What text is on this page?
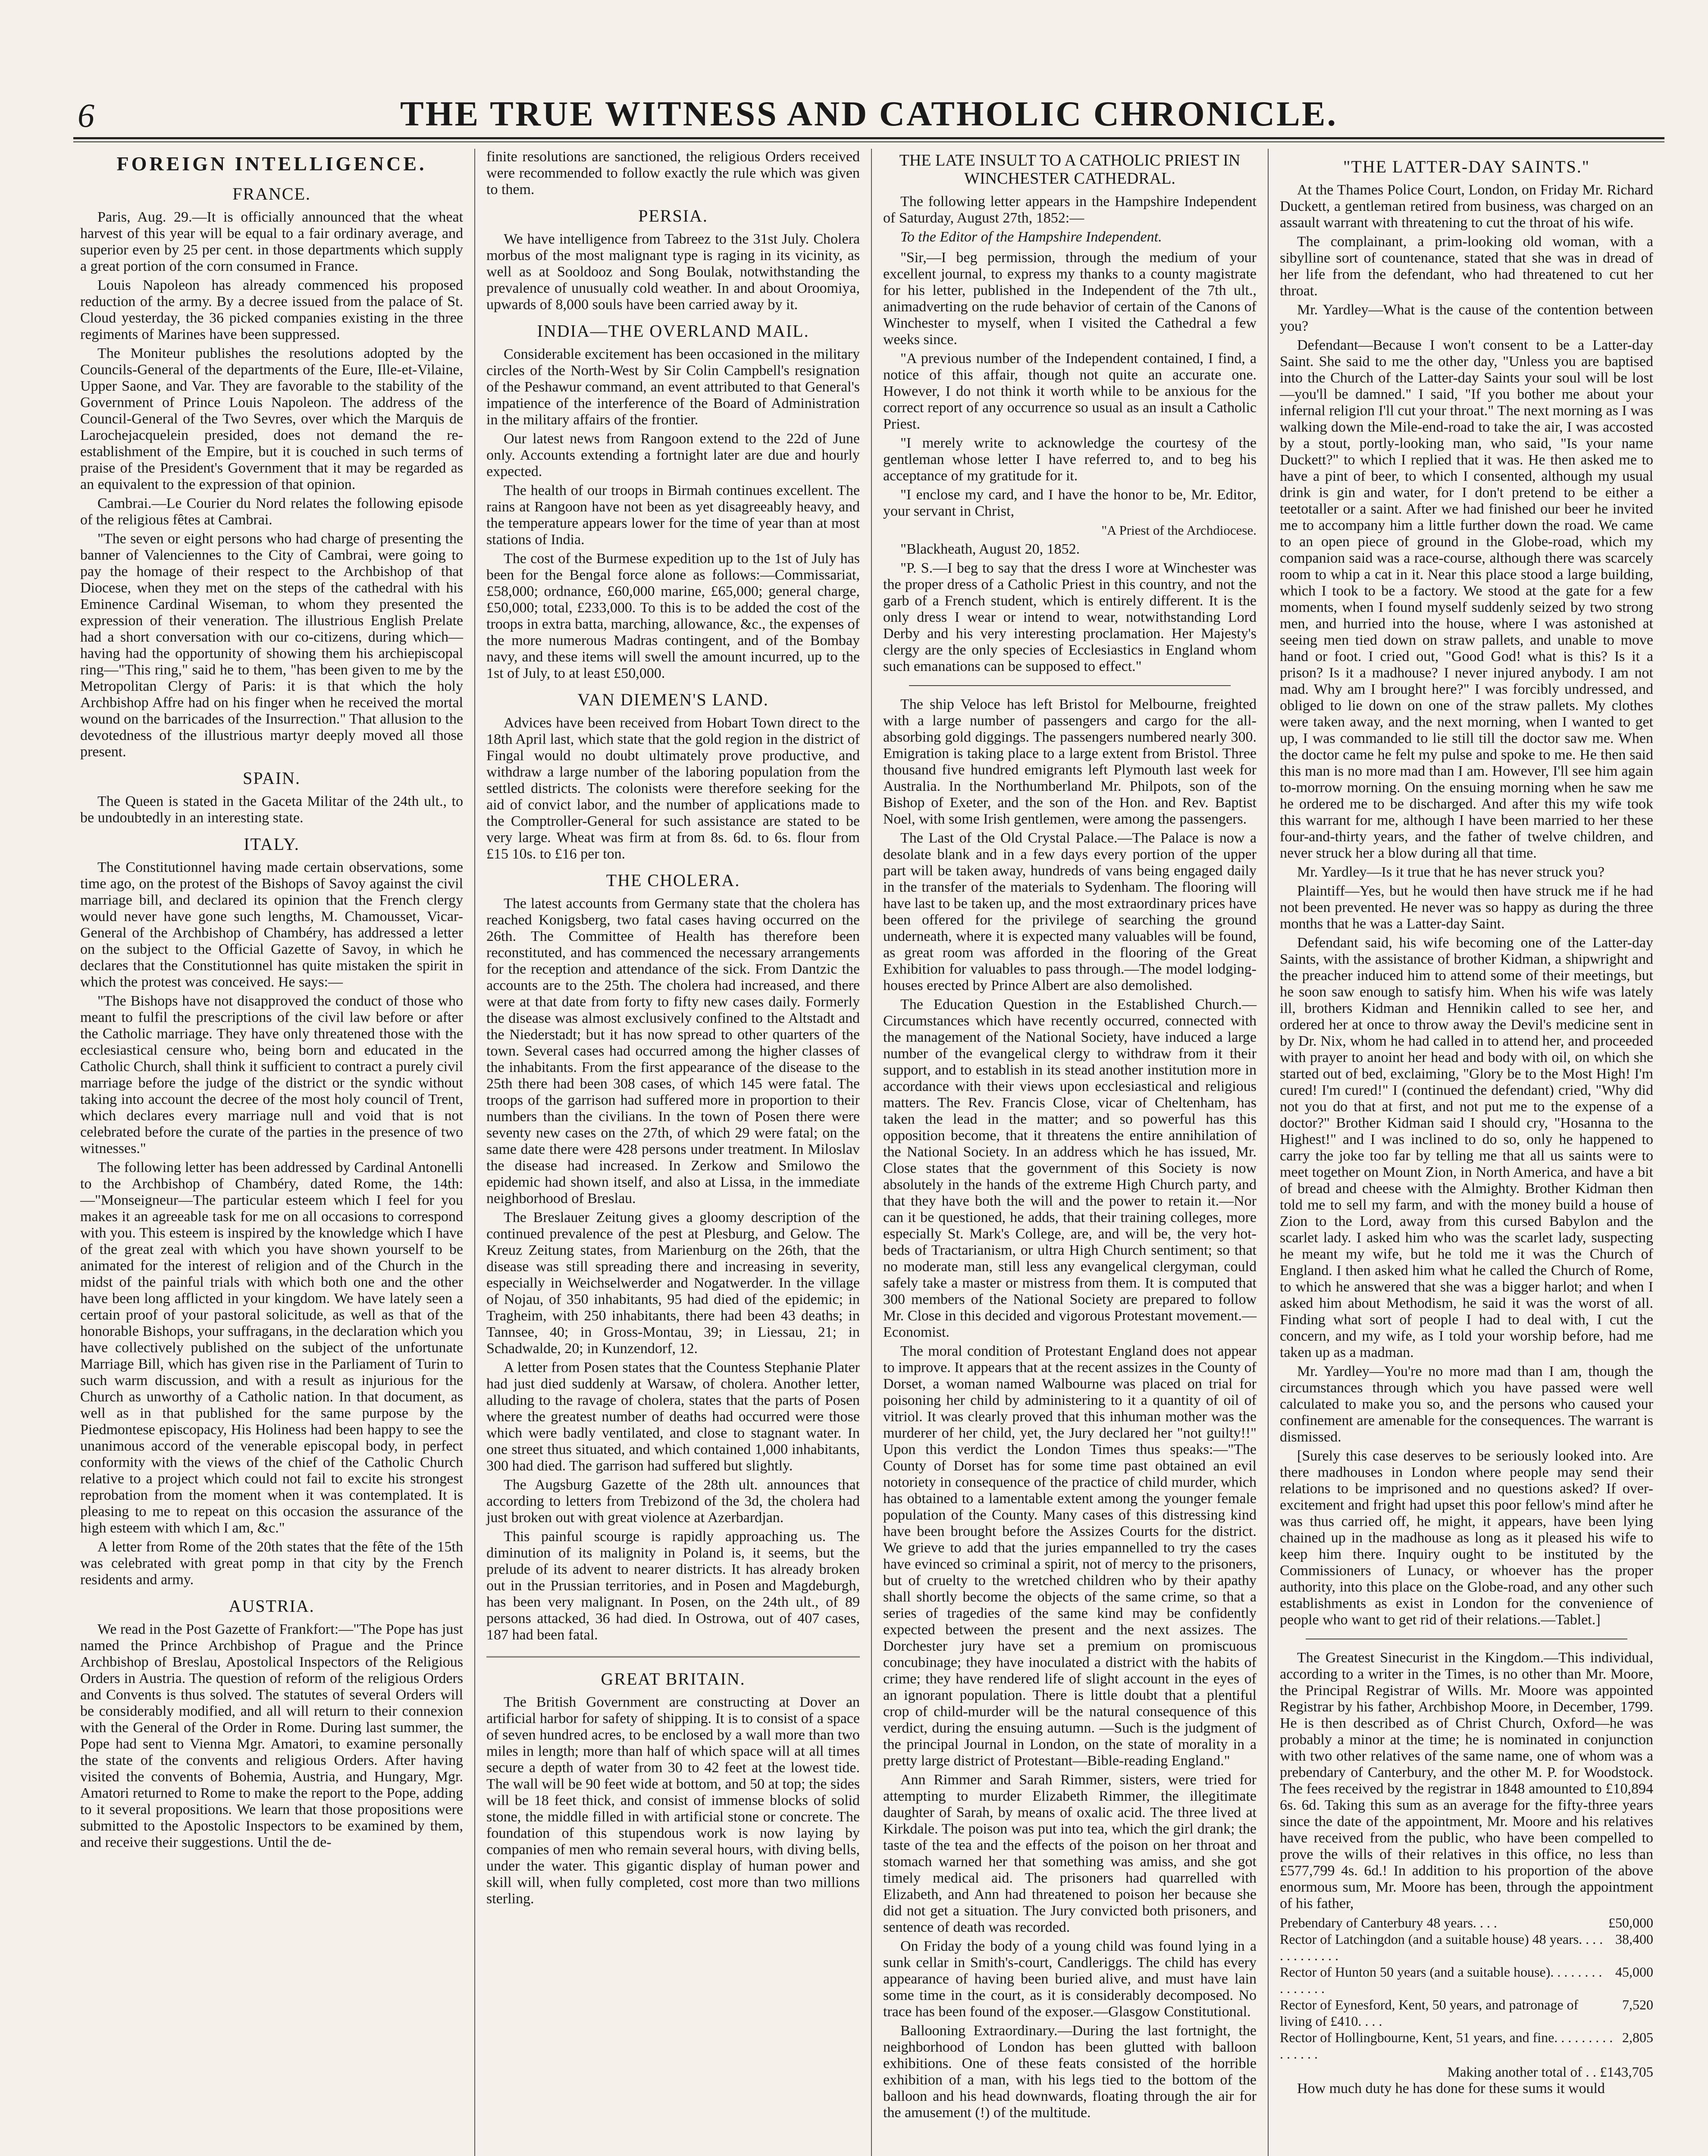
6	THE TRUE WITNESS AND CATHOLIC CHRONICLE.
FOREIGN INTELLIGENCE.
FRANCE.

Paris, Aug. 29.—It is officially announced that the wheat harvest of this year will be equal to a fair ordinary average, and superior even by 25 per cent. in those departments which supply a great portion of the corn consumed in France.

Louis Napoleon has already commenced his proposed reduction of the army. By a decree issued from the palace of St. Cloud yesterday, the 36 picked companies existing in the three regiments of Marines have been suppressed.

The Moniteur publishes the resolutions adopted by the Councils-General of the departments of the Eure, Ille-et-Vilaine, Upper Saone, and Var. They are favorable to the stability of the Government of Prince Louis Napoleon. The address of the Council-General of the Two Sevres, over which the Marquis de Larochejacquelein presided, does not demand the re-establishment of the Empire, but it is couched in such terms of praise of the President's Government that it may be regarded as an equivalent to the expression of that opinion.

Cambrai.—Le Courier du Nord relates the following episode of the religious fêtes at Cambrai.

"The seven or eight persons who had charge of presenting the banner of Valenciennes to the City of Cambrai, were going to pay the homage of their respect to the Archbishop of that Diocese, when they met on the steps of the cathedral with his Eminence Cardinal Wiseman, to whom they presented the expression of their veneration. The illustrious English Prelate had a short conversation with our co-citizens, during which—having had the opportunity of showing them his archiepiscopal ring—"This ring," said he to them, "has been given to me by the Metropolitan Clergy of Paris: it is that which the holy Archbishop Affre had on his finger when he received the mortal wound on the barricades of the Insurrection." That allusion to the devotedness of the illustrious martyr deeply moved all those present.

SPAIN.

The Queen is stated in the Gaceta Militar of the 24th ult., to be undoubtedly in an interesting state.

ITALY.

The Constitutionnel having made certain observations, some time ago, on the protest of the Bishops of Savoy against the civil marriage bill, and declared its opinion that the French clergy would never have gone such lengths, M. Chamousset, Vicar-General of the Archbishop of Chambéry, has addressed a letter on the subject to the Official Gazette of Savoy, in which he declares that the Constitutionnel has quite mistaken the spirit in which the protest was conceived. He says:—

"The Bishops have not disapproved the conduct of those who meant to fulfil the prescriptions of the civil law before or after the Catholic marriage. They have only threatened those with the ecclesiastical censure who, being born and educated in the Catholic Church, shall think it sufficient to contract a purely civil marriage before the judge of the district or the syndic without taking into account the decree of the most holy council of Trent, which declares every marriage null and void that is not celebrated before the curate of the parties in the presence of two witnesses."

The following letter has been addressed by Cardinal Antonelli to the Archbishop of Chambéry, dated Rome, the 14th:—"Monseigneur—The particular esteem which I feel for you makes it an agreeable task for me on all occasions to correspond with you. This esteem is inspired by the knowledge which I have of the great zeal with which you have shown yourself to be animated for the interest of religion and of the Church in the midst of the painful trials with which both one and the other have been long afflicted in your kingdom. We have lately seen a certain proof of your pastoral solicitude, as well as that of the honorable Bishops, your suffragans, in the declaration which you have collectively published on the subject of the unfortunate Marriage Bill, which has given rise in the Parliament of Turin to such warm discussion, and with a result as injurious for the Church as unworthy of a Catholic nation. In that document, as well as in that published for the same purpose by the Piedmontese episcopacy, His Holiness had been happy to see the unanimous accord of the venerable episcopal body, in perfect conformity with the views of the chief of the Catholic Church relative to a project which could not fail to excite his strongest reprobation from the moment when it was contemplated. It is pleasing to me to repeat on this occasion the assurance of the high esteem with which I am, &c."

A letter from Rome of the 20th states that the fête of the 15th was celebrated with great pomp in that city by the French residents and army.

AUSTRIA.

We read in the Post Gazette of Frankfort:—"The Pope has just named the Prince Archbishop of Prague and the Prince Archbishop of Breslau, Apostolical Inspectors of the Religious Orders in Austria. The question of reform of the religious Orders and Convents is thus solved. The statutes of several Orders will be considerably modified, and all will return to their connexion with the General of the Order in Rome. During last summer, the Pope had sent to Vienna Mgr. Amatori, to examine personally the state of the convents and religious Orders. After having visited the convents of Bohemia, Austria, and Hungary, Mgr. Amatori returned to Rome to make the report to the Pope, adding to it several propositions. We learn that those propositions were submitted to the Apostolic Inspectors to be examined by them, and receive their suggestions. Until the de-

finite resolutions are sanctioned, the religious Orders received were recommended to follow exactly the rule which was given to them.

PERSIA.

We have intelligence from Tabreez to the 31st July. Cholera morbus of the most malignant type is raging in its vicinity, as well as at Sooldooz and Song Boulak, notwithstanding the prevalence of unusually cold weather. In and about Oroomiya, upwards of 8,000 souls have been carried away by it.

INDIA—THE OVERLAND MAIL.

Considerable excitement has been occasioned in the military circles of the North-West by Sir Colin Campbell's resignation of the Peshawur command, an event attributed to that General's impatience of the interference of the Board of Administration in the military affairs of the frontier.

Our latest news from Rangoon extend to the 22d of June only. Accounts extending a fortnight later are due and hourly expected.

The health of our troops in Birmah continues excellent. The rains at Rangoon have not been as yet disagreeably heavy, and the temperature appears lower for the time of year than at most stations of India.

The cost of the Burmese expedition up to the 1st of July has been for the Bengal force alone as follows:—Commissariat, £58,000; ordnance, £60,000 marine, £65,000; general charge, £50,000; total, £233,000. To this is to be added the cost of the troops in extra batta, marching, allowance, &c., the expenses of the more numerous Madras contingent, and of the Bombay navy, and these items will swell the amount incurred, up to the 1st of July, to at least £50,000.

VAN DIEMEN'S LAND.

Advices have been received from Hobart Town direct to the 18th April last, which state that the gold region in the district of Fingal would no doubt ultimately prove productive, and withdraw a large number of the laboring population from the settled districts. The colonists were therefore seeking for the aid of convict labor, and the number of applications made to the Comptroller-General for such assistance are stated to be very large. Wheat was firm at from 8s. 6d. to 6s. flour from £15 10s. to £16 per ton.

THE CHOLERA.

The latest accounts from Germany state that the cholera has reached Konigsberg, two fatal cases having occurred on the 26th. The Committee of Health has therefore been reconstituted, and has commenced the necessary arrangements for the reception and attendance of the sick. From Dantzic the accounts are to the 25th. The cholera had increased, and there were at that date from forty to fifty new cases daily. Formerly the disease was almost exclusively confined to the Altstadt and the Niederstadt; but it has now spread to other quarters of the town. Several cases had occurred among the higher classes of the inhabitants. From the first appearance of the disease to the 25th there had been 308 cases, of which 145 were fatal. The troops of the garrison had suffered more in proportion to their numbers than the civilians. In the town of Posen there were seventy new cases on the 27th, of which 29 were fatal; on the same date there were 428 persons under treatment. In Miloslav the disease had increased. In Zerkow and Smilowo the epidemic had shown itself, and also at Lissa, in the immediate neighborhood of Breslau.

The Breslauer Zeitung gives a gloomy description of the continued prevalence of the pest at Plesburg, and Gelow. The Kreuz Zeitung states, from Marienburg on the 26th, that the disease was still spreading there and increasing in severity, especially in Weichselwerder and Nogatwerder. In the village of Nojau, of 350 inhabitants, 95 had died of the epidemic; in Tragheim, with 250 inhabitants, there had been 43 deaths; in Tannsee, 40; in Gross-Montau, 39; in Liessau, 21; in Schadwalde, 20; in Kunzendorf, 12.

A letter from Posen states that the Countess Stephanie Plater had just died suddenly at Warsaw, of cholera. Another letter, alluding to the ravage of cholera, states that the parts of Posen where the greatest number of deaths had occurred were those which were badly ventilated, and close to stagnant water. In one street thus situated, and which contained 1,000 inhabitants, 300 had died. The garrison had suffered but slightly.

The Augsburg Gazette of the 28th ult. announces that according to letters from Trebizond of the 3d, the cholera had just broken out with great violence at Azerbardjan.

This painful scourge is rapidly approaching us. The diminution of its malignity in Poland is, it seems, but the prelude of its advent to nearer districts. It has already broken out in the Prussian territories, and in Posen and Magdeburgh, has been very malignant. In Posen, on the 24th ult., of 89 persons attacked, 36 had died. In Ostrowa, out of 407 cases, 187 had been fatal.

GREAT BRITAIN.

The British Government are constructing at Dover an artificial harbor for safety of shipping. It is to consist of a space of seven hundred acres, to be enclosed by a wall more than two miles in length; more than half of which space will at all times secure a depth of water from 30 to 42 feet at the lowest tide. The wall will be 90 feet wide at bottom, and 50 at top; the sides will be 18 feet thick, and consist of immense blocks of solid stone, the middle filled in with artificial stone or concrete. The foundation of this stupendous work is now laying by companies of men who remain several hours, with diving bells, under the water. This gigantic display of human power and skill will, when fully completed, cost more than two millions sterling.

THE LATE INSULT TO A CATHOLIC PRIEST IN WINCHESTER CATHEDRAL.

The following letter appears in the Hampshire Independent of Saturday, August 27th, 1852:—

To the Editor of the Hampshire Independent.

"Sir,—I beg permission, through the medium of your excellent journal, to express my thanks to a county magistrate for his letter, published in the Independent of the 7th ult., animadverting on the rude behavior of certain of the Canons of Winchester to myself, when I visited the Cathedral a few weeks since.

"A previous number of the Independent contained, I find, a notice of this affair, though not quite an accurate one. However, I do not think it worth while to be anxious for the correct report of any occurrence so usual as an insult a Catholic Priest.

"I merely write to acknowledge the courtesy of the gentleman whose letter I have referred to, and to beg his acceptance of my gratitude for it.

"I enclose my card, and I have the honor to be, Mr. Editor, your servant in Christ,

"A Priest of the Archdiocese.

"Blackheath, August 20, 1852.

"P. S.—I beg to say that the dress I wore at Winchester was the proper dress of a Catholic Priest in this country, and not the garb of a French student, which is entirely different. It is the only dress I wear or intend to wear, notwithstanding Lord Derby and his very interesting proclamation. Her Majesty's clergy are the only species of Ecclesiastics in England whom such emanations can be supposed to effect."

The ship Veloce has left Bristol for Melbourne, freighted with a large number of passengers and cargo for the all-absorbing gold diggings. The passengers numbered nearly 300. Emigration is taking place to a large extent from Bristol. Three thousand five hundred emigrants left Plymouth last week for Australia. In the Northumberland Mr. Philpots, son of the Bishop of Exeter, and the son of the Hon. and Rev. Baptist Noel, with some Irish gentlemen, were among the passengers.

The Last of the Old Crystal Palace.—The Palace is now a desolate blank and in a few days every portion of the upper part will be taken away, hundreds of vans being engaged daily in the transfer of the materials to Sydenham. The flooring will have last to be taken up, and the most extraordinary prices have been offered for the privilege of searching the ground underneath, where it is expected many valuables will be found, as great room was afforded in the flooring of the Great Exhibition for valuables to pass through.—The model lodging-houses erected by Prince Albert are also demolished.

The Education Question in the Established Church.—Circumstances which have recently occurred, connected with the management of the National Society, have induced a large number of the evangelical clergy to withdraw from it their support, and to establish in its stead another institution more in accordance with their views upon ecclesiastical and religious matters. The Rev. Francis Close, vicar of Cheltenham, has taken the lead in the matter; and so powerful has this opposition become, that it threatens the entire annihilation of the National Society. In an address which he has issued, Mr. Close states that the government of this Society is now absolutely in the hands of the extreme High Church party, and that they have both the will and the power to retain it.—Nor can it be questioned, he adds, that their training colleges, more especially St. Mark's College, are, and will be, the very hot-beds of Tractarianism, or ultra High Church sentiment; so that no moderate man, still less any evangelical clergyman, could safely take a master or mistress from them. It is computed that 300 members of the National Society are prepared to follow Mr. Close in this decided and vigorous Protestant movement.—Economist.

The moral condition of Protestant England does not appear to improve. It appears that at the recent assizes in the County of Dorset, a woman named Walbourne was placed on trial for poisoning her child by administering to it a quantity of oil of vitriol. It was clearly proved that this inhuman mother was the murderer of her child, yet, the Jury declared her "not guilty!!" Upon this verdict the London Times thus speaks:—"The County of Dorset has for some time past obtained an evil notoriety in consequence of the practice of child murder, which has obtained to a lamentable extent among the younger female population of the County. Many cases of this distressing kind have been brought before the Assizes Courts for the district. We grieve to add that the juries empannelled to try the cases have evinced so criminal a spirit, not of mercy to the prisoners, but of cruelty to the wretched children who by their apathy shall shortly become the objects of the same crime, so that a series of tragedies of the same kind may be confidently expected between the present and the next assizes. The Dorchester jury have set a premium on promiscuous concubinage; they have inoculated a district with the habits of crime; they have rendered life of slight account in the eyes of an ignorant population. There is little doubt that a plentiful crop of child-murder will be the natural consequence of this verdict, during the ensuing autumn. —Such is the judgment of the principal Journal in London, on the state of morality in a pretty large district of Protestant—Bible-reading England."

Ann Rimmer and Sarah Rimmer, sisters, were tried for attempting to murder Elizabeth Rimmer, the illegitimate daughter of Sarah, by means of oxalic acid. The three lived at Kirkdale. The poison was put into tea, which the girl drank; the taste of the tea and the effects of the poison on her throat and stomach warned her that something was amiss, and she got timely medical aid. The prisoners had quarrelled with Elizabeth, and Ann had threatened to poison her because she did not get a situation. The Jury convicted both prisoners, and sentence of death was recorded.

On Friday the body of a young child was found lying in a sunk cellar in Smith's-court, Candleriggs. The child has every appearance of having been buried alive, and must have lain some time in the court, as it is considerably decomposed. No trace has been found of the exposer.—Glasgow Constitutional.

Ballooning Extraordinary.—During the last fortnight, the neighborhood of London has been glutted with balloon exhibitions. One of these feats consisted of the horrible exhibition of a man, with his legs tied to the bottom of the balloon and his head downwards, floating through the air for the amusement (!) of the multitude.

"THE LATTER-DAY SAINTS."

At the Thames Police Court, London, on Friday Mr. Richard Duckett, a gentleman retired from business, was charged on an assault warrant with threatening to cut the throat of his wife.

The complainant, a prim-looking old woman, with a sibylline sort of countenance, stated that she was in dread of her life from the defendant, who had threatened to cut her throat.

Mr. Yardley—What is the cause of the contention between you?

Defendant—Because I won't consent to be a Latter-day Saint. She said to me the other day, "Unless you are baptised into the Church of the Latter-day Saints your soul will be lost—you'll be damned." I said, "If you bother me about your infernal religion I'll cut your throat." The next morning as I was walking down the Mile-end-road to take the air, I was accosted by a stout, portly-looking man, who said, "Is your name Duckett?" to which I replied that it was. He then asked me to have a pint of beer, to which I consented, although my usual drink is gin and water, for I don't pretend to be either a teetotaller or a saint. After we had finished our beer he invited me to accompany him a little further down the road. We came to an open piece of ground in the Globe-road, which my companion said was a race-course, although there was scarcely room to whip a cat in it. Near this place stood a large building, which I took to be a factory. We stood at the gate for a few moments, when I found myself suddenly seized by two strong men, and hurried into the house, where I was astonished at seeing men tied down on straw pallets, and unable to move hand or foot. I cried out, "Good God! what is this? Is it a prison? Is it a madhouse? I never injured anybody. I am not mad. Why am I brought here?" I was forcibly undressed, and obliged to lie down on one of the straw pallets. My clothes were taken away, and the next morning, when I wanted to get up, I was commanded to lie still till the doctor saw me. When the doctor came he felt my pulse and spoke to me. He then said this man is no more mad than I am. However, I'll see him again to-morrow morning. On the ensuing morning when he saw me he ordered me to be discharged. And after this my wife took this warrant for me, although I have been married to her these four-and-thirty years, and the father of twelve children, and never struck her a blow during all that time.

Mr. Yardley—Is it true that he has never struck you?

Plaintiff—Yes, but he would then have struck me if he had not been prevented. He never was so happy as during the three months that he was a Latter-day Saint.

Defendant said, his wife becoming one of the Latter-day Saints, with the assistance of brother Kidman, a shipwright and the preacher induced him to attend some of their meetings, but he soon saw enough to satisfy him. When his wife was lately ill, brothers Kidman and Hennikin called to see her, and ordered her at once to throw away the Devil's medicine sent in by Dr. Nix, whom he had called in to attend her, and proceeded with prayer to anoint her head and body with oil, on which she started out of bed, exclaiming, "Glory be to the Most High! I'm cured! I'm cured!" I (continued the defendant) cried, "Why did not you do that at first, and not put me to the expense of a doctor?" Brother Kidman said I should cry, "Hosanna to the Highest!" and I was inclined to do so, only he happened to carry the joke too far by telling me that all us saints were to meet together on Mount Zion, in North America, and have a bit of bread and cheese with the Almighty. Brother Kidman then told me to sell my farm, and with the money build a house of Zion to the Lord, away from this cursed Babylon and the scarlet lady. I asked him who was the scarlet lady, suspecting he meant my wife, but he told me it was the Church of England. I then asked him what he called the Church of Rome, to which he answered that she was a bigger harlot; and when I asked him about Methodism, he said it was the worst of all. Finding what sort of people I had to deal with, I cut the concern, and my wife, as I told your worship before, had me taken up as a madman.

Mr. Yardley—You're no more mad than I am, though the circumstances through which you have passed were well calculated to make you so, and the persons who caused your confinement are amenable for the consequences. The warrant is dismissed.

[Surely this case deserves to be seriously looked into. Are there madhouses in London where people may send their relations to be imprisoned and no questions asked? If over-excitement and fright had upset this poor fellow's mind after he was thus carried off, he might, it appears, have been lying chained up in the madhouse as long as it pleased his wife to keep him there. Inquiry ought to be instituted by the Commissioners of Lunacy, or whoever has the proper authority, into this place on the Globe-road, and any other such establishments as exist in London for the convenience of people who want to get rid of their relations.—Tablet.]

The Greatest Sinecurist in the Kingdom.—This individual, according to a writer in the Times, is no other than Mr. Moore, the Principal Registrar of Wills. Mr. Moore was appointed Registrar by his father, Archbishop Moore, in December, 1799. He is then described as of Christ Church, Oxford—he was probably a minor at the time; he is nominated in conjunction with two other relatives of the same name, one of whom was a prebendary of Canterbury, and the other M. P. for Woodstock. The fees received by the registrar in 1848 amounted to £10,894 6s. 6d. Taking this sum as an average for the fifty-three years since the date of the appointment, Mr. Moore and his relatives have received from the public, who have been compelled to prove the wills of their relatives in this office, no less than £577,799 4s. 6d.! In addition to his proportion of the above enormous sum, Mr. Moore has been, through the appointment of his father,

Prebendary of Canterbury 48 years. . . .	£50,000
Rector of Latchingdon (and a suitable house) 48 years. . . . . . . . . . . . .
38,400
Rector of Hunton 50 years (and a suitable house). . . . . . . . . . . . . . .
45,000
Rector of Eynesford, Kent, 50 years, and patronage of living of £410. . . .
7,520
Rector of Hollingbourne, Kent, 51 years, and fine. . . . . . . . . . . . . . .
2,805
Making another total of . . £143,705

How much duty he has done for these sums it would
